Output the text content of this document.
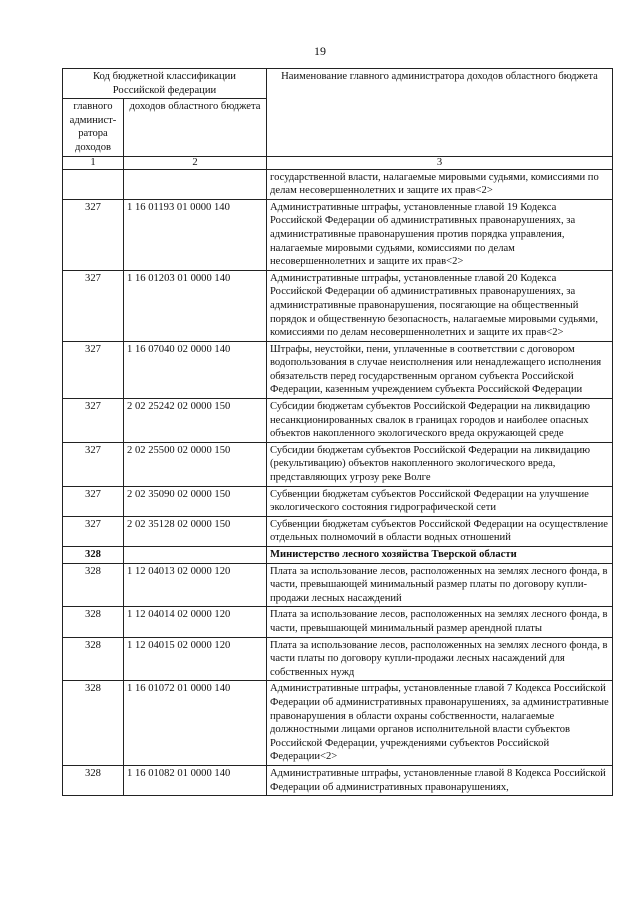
19
Код бюджетной классификации Российской федерации		Наименование главного администратора доходов областного бюджета
главного админист-ратора доходов	доходов областного бюджета	
1	2	3
		государственной власти, налагаемые мировыми судьями, комиссиями по делам несовершеннолетних и защите их прав<2>
327	1 16 01193 01 0000 140	Административные штрафы, установленные главой 19 Кодекса Российской Федерации об административных правонарушениях, за административные правонарушения против порядка управления, налагаемые мировыми судьями, комиссиями по делам несовершеннолетних и защите их прав<2>
327	1 16 01203 01 0000 140	Административные штрафы, установленные главой 20 Кодекса Российской Федерации об административных правонарушениях, за административные правонарушения, посягающие на общественный порядок и общественную безопасность, налагаемые мировыми судьями, комиссиями по делам несовершеннолетних и защите их прав<2>
327	1 16 07040 02 0000 140	Штрафы, неустойки, пени, уплаченные в соответствии с договором водопользования в случае неисполнения или ненадлежащего исполнения обязательств перед государственным органом субъекта Российской Федерации, казенным учреждением субъекта Российской Федерации
327	2 02 25242 02 0000 150	Субсидии бюджетам субъектов Российской Федерации на ликвидацию несанкционированных свалок в границах городов и наиболее опасных объектов накопленного экологического вреда окружающей среде
327	2 02 25500 02 0000 150	Субсидии бюджетам субъектов Российской Федерации на ликвидацию (рекультивацию) объектов накопленного экологического вреда, представляющих угрозу реке Волге
327	2 02 35090 02 0000 150	Субвенции бюджетам субъектов Российской Федерации на улучшение экологического состояния гидрографической сети
327	2 02 35128 02 0000 150	Субвенции бюджетам субъектов Российской Федерации на осуществление отдельных полномочий в области водных отношений
328		Министерство лесного хозяйства Тверской области
328	1 12 04013 02 0000 120	Плата за использование лесов, расположенных на землях лесного фонда, в части, превышающей минимальный размер платы по договору купли-продажи лесных насаждений
328	1 12 04014 02 0000 120	Плата за использование лесов, расположенных на землях лесного фонда, в части, превышающей минимальный размер арендной платы
328	1 12 04015 02 0000 120	Плата за использование лесов, расположенных на землях лесного фонда, в части платы по договору купли-продажи лесных насаждений для собственных нужд
328	1 16 01072 01 0000 140	Административные штрафы, установленные главой 7 Кодекса Российской Федерации об административных правонарушениях, за административные правонарушения в области охраны собственности, налагаемые должностными лицами органов исполнительной власти субъектов Российской Федерации, учреждениями субъектов Российской Федерации<2>
328	1 16 01082 01 0000 140	Административные штрафы, установленные главой 8 Кодекса Российской Федерации об административных правонарушениях,
